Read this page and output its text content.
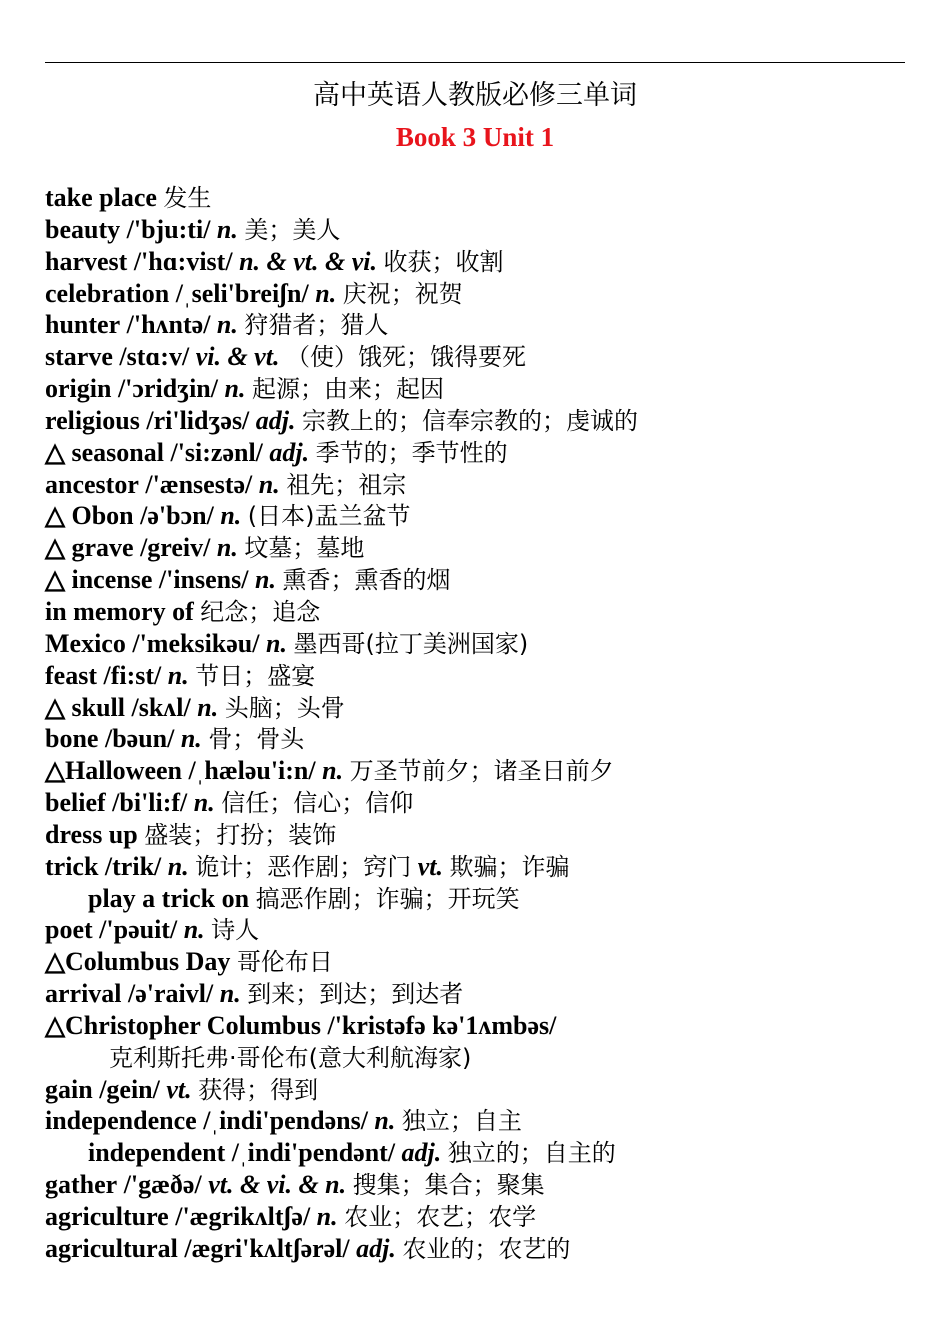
高中英语人教版必修三单词
Book 3 Unit 1
take place 发生
beauty /'bju:ti/ n. 美；美人
harvest /'hɑ:vist/ n. & vt. & vi. 收获；收割
celebration /ˌseli'breiʃn/ n. 庆祝；祝贺
hunter /'hʌntə/ n. 狩猎者；猎人
starve /stɑ:v/ vi. & vt. （使）饿死；饿得要死
origin /'ɔridʒin/ n. 起源；由来；起因
religious /ri'lidʒəs/ adj. 宗教上的；信奉宗教的；虔诚的
△ seasonal /'si:zənl/ adj. 季节的；季节性的
ancestor /'ænsestə/ n. 祖先；祖宗
△ Obon /ə'bɔn/ n. (日本)盂兰盆节
△ grave /greiv/ n. 坟墓；墓地
△ incense /'insens/ n. 熏香；熏香的烟
in memory of 纪念；追念
Mexico /'meksikəu/ n. 墨西哥(拉丁美洲国家)
feast /fi:st/ n. 节日；盛宴
△ skull /skʌl/ n. 头脑；头骨
bone /bəun/ n. 骨；骨头
△Halloween /ˌhæləu'i:n/ n. 万圣节前夕；诸圣日前夕
belief /bi'li:f/ n. 信任；信心；信仰
dress up 盛装；打扮；装饰
trick /trik/ n. 诡计；恶作剧；窍门 vt. 欺骗；诈骗
play a trick on 搞恶作剧；诈骗；开玩笑
poet /'pəuit/ n. 诗人
△Columbus Day 哥伦布日
arrival /ə'raivl/ n. 到来；到达；到达者
△Christopher Columbus /'kristəfə kə'1ʌmbəs/
克利斯托弗·哥伦布(意大利航海家)
gain /gein/ vt. 获得；得到
independence /ˌindi'pendəns/ n. 独立；自主
independent /ˌindi'pendənt/ adj. 独立的；自主的
gather /'gæðə/ vt. & vi. & n. 搜集；集合；聚集
agriculture /'ægrikʌltʃə/ n. 农业；农艺；农学
agricultural /ægri'kʌltʃərəl/ adj. 农业的；农艺的
